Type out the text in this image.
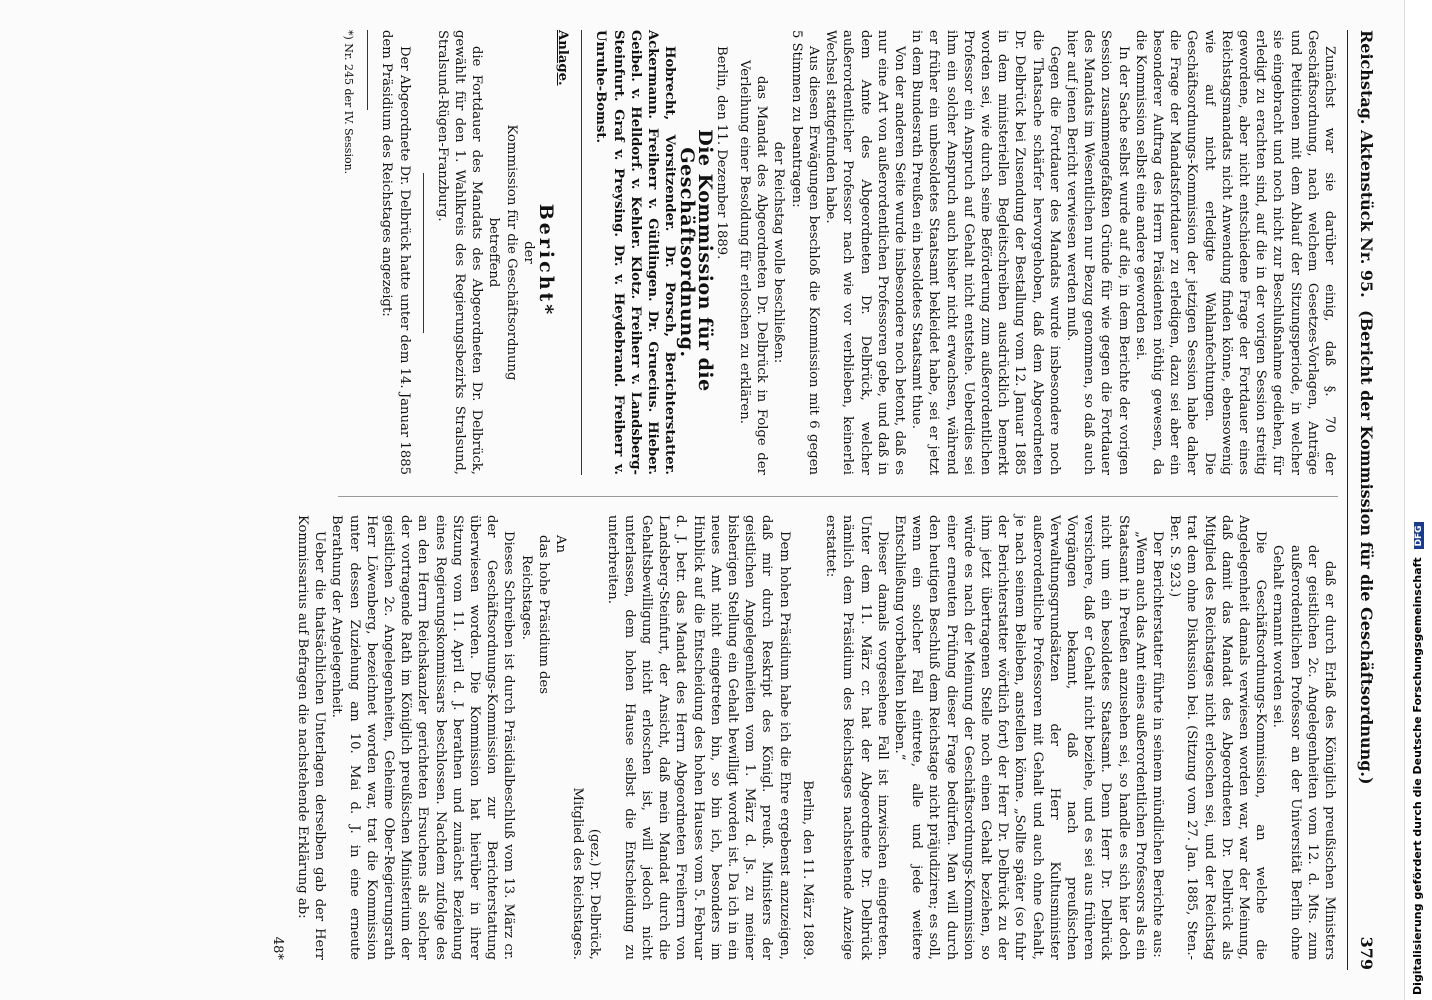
Reichstag. Aktenstück Nr. 95.
(Bericht der Kommission für die Geschäftsordnung.)
379

Zunächst war sie darüber einig, daß §. 70 der Geschäftsordnung, nach welchem Gesetzes-Vorlagen, Anträge und Petitionen mit dem Ablauf der Sitzungsperiode, in welcher sie eingebracht und noch nicht zur Beschlußnahme gediehen, für erledigt zu erachten sind, auf die in der vorigen Session streitig gewordene, aber nicht entschiedene Frage der Fortdauer eines Reichstagsmandats nicht Anwendung finden könne, ebensowenig wie auf nicht erledigte Wahlanfechtungen. Die Geschäftsordnungs-Kommission der jetzigen Session habe daher die Frage der Mandatsfortdauer zu erledigen, dazu sei aber ein besonderer Auftrag des Herrn Präsidenten nöthig gewesen, da die Kommission selbst eine andere geworden sei.

In der Sache selbst wurde auf die, in dem Berichte der vorigen Session zusammengefaßten Gründe für wie gegen die Fortdauer des Mandats im Wesentlichen nur Bezug genommen, so daß auch hier auf jenen Bericht verwiesen werden muß.

Gegen die Fortdauer des Mandats wurde insbesondere noch die Thatsache schärfer hervorgehoben, daß dem Abgeordneten Dr. Delbrück bei Zusendung der Bestallung vom 12. Januar 1885 in dem ministeriellen Begleitschreiben ausdrücklich bemerkt worden sei, wie durch seine Beförderung zum außerordentlichen Professor ein Anspruch auf Gehalt nicht entstehe. Ueberdies sei ihm ein solcher Anspruch auch bisher nicht erwachsen, während er früher ein unbesoldetes Staatsamt bekleidet habe, sei er jetzt in dem Bundesrath Preußen ein besoldetes Staatsamt thue.

Von der anderen Seite wurde insbesondere noch betont, daß es nur eine Art von außerordentlichen Professoren gebe, und daß in dem Amte des Abgeordneten Dr. Delbrück, welcher außerordentlicher Professor nach wie vor verblieben, keinerlei Wechsel stattgefunden habe.

Aus diesen Erwägungen beschloß die Kommission mit 6 gegen 5 Stimmen zu beantragen:

der Reichstag wolle beschließen:

das Mandat des Abgeordneten Dr. Delbrück in Folge der Verleihung einer Besoldung für erloschen zu erklären.

Berlin, den 11. Dezember 1889.

Die Kommission für die Geschäftsordnung.

Hobrecht, Vorsitzender. Dr. Porsch, Berichterstatter. Ackermann. Freiherr v. Gültlingen. Dr. Gruecius. Hieber. Geibel. v. Helldorf. v. Kehler. Klotz. Freiherr v. Landsberg-Steinfurt. Graf v. Preysing. Dr. v. Heydebrand. Freiherr v. Unruhe-Bomst.

Anlage.

Bericht*

der

Kommission für die Geschäftsordnung

betreffend

die Fortdauer des Mandats des Abgeordneten Dr. Delbrück, gewählt für den 1. Wahlkreis des Regierungsbezirks Stralsund, Stralsund-Rügen-Franzburg.

Der Abgeordnete Dr. Delbrück hatte unter dem 14. Januar 1885 dem Präsidium des Reichstages angezeigt:

*) Nr. 245 der IV. Session.

daß er durch Erlaß des Königlich preußischen Ministers der geistlichen 2c. Angelegenheiten vom 12. d. Mts. zum außerordentlichen Professor an der Universität Berlin ohne Gehalt ernannt worden sei.

Die Geschäftsordnungs-Kommission, an welche die Angelegenheit damals verwiesen worden war, war der Meinung, daß damit das Mandat des Abgeordneten Dr. Delbrück als Mitglied des Reichstages nicht erloschen sei, und der Reichstag trat dem ohne Diskussion bei. (Sitzung vom 27. Jan. 1885, Sten.-Ber. S. 923.)

Der Berichterstatter führte in seinem mündlichen Berichte aus:

„Wenn auch das Amt eines außerordentlichen Professors als ein Staatsamt in Preußen anzusehen sei, so handle es sich hier doch nicht um ein besoldetes Staatsamt. Denn Herr Dr. Delbrück versichere, daß er Gehalt nicht beziehe, und es sei aus früheren Vorgängen bekannt, daß nach preußischen Verwaltungsgrundsätzen der Herr Kultusminister außerordentliche Professoren mit Gehalt und auch ohne Gehalt, je nach seinem Belieben, anstellen könne. „Sollte später (so fuhr der Berichterstatter wörtlich fort) der Herr Dr. Delbrück zu der ihm jetzt übertragenen Stelle noch einen Gehalt beziehen, so würde es nach der Meinung der Geschäftsordnungs-Kommission einer erneuten Prüfung dieser Frage bedürfen. Man will durch den heutigen Beschluß dem Reichstage nicht präjudiziren; es soll, wenn ein solcher Fall eintrete, alle und jede weitere Entschließung vorbehalten bleiben.“

Dieser damals vorgesehene Fall ist inzwischen eingetreten. Unter dem 11. März cr. hat der Abgeordnete Dr. Delbrück nämlich dem Präsidium des Reichstages nachstehende Anzeige erstattet:

Berlin, den 11. März 1889.

Dem hohen Präsidium habe ich die Ehre ergebenst anzuzeigen, daß mir durch Reskript des Königl. preuß. Ministers der geistlichen Angelegenheiten vom 1. März d. Js. zu meiner bisherigen Stellung ein Gehalt bewilligt worden ist. Da ich in ein neues Amt nicht eingetreten bin, so bin ich, besonders im Hinblick auf die Entscheidung des hohen Hauses vom 5. Februar d. J. betr. das Mandat des Herrn Abgeordneten Freiherrn von Landsberg-Steinfurt, der Ansicht, daß mein Mandat durch die Gehaltsbewilligung nicht erloschen ist, will jedoch nicht unterlassen, dem hohen Hause selbst die Entscheidung zu unterbreiten.

(gez.) Dr. Delbrück,

Mitglied des Reichstages.

An

das hohe Präsidium des

Reichstages.

Dieses Schreiben ist durch Präsidialbeschluß vom 13. März cr. der Geschäftsordnungs-Kommission zur Berichterstattung überwiesen worden. Die Kommission hat hierüber in ihrer Sitzung vom 11. April d. J. berathen und zunächst Beziehung eines Regierungskommissars beschlossen. Nachdem zufolge des an den Herrn Reichskanzler gerichteten Ersuchens als solcher der vortragende Rath im Königlich preußischen Ministerium der geistlichen 2c. Angelegenheiten, Geheime Ober-Regierungsrath Herr Löwenberg, bezeichnet worden war, trat die Kommission unter dessen Zuziehung am 10. Mai d. J. in eine erneute Berathung der Angelegenheit.

Ueber die thatsächlichen Unterlagen derselben gab der Herr Kommissarius auf Befragen die nachstehende Erklärung ab:

48*	Digitalisierung gefördert durch die Deutsche Forschungsgemeinschaft DFG
